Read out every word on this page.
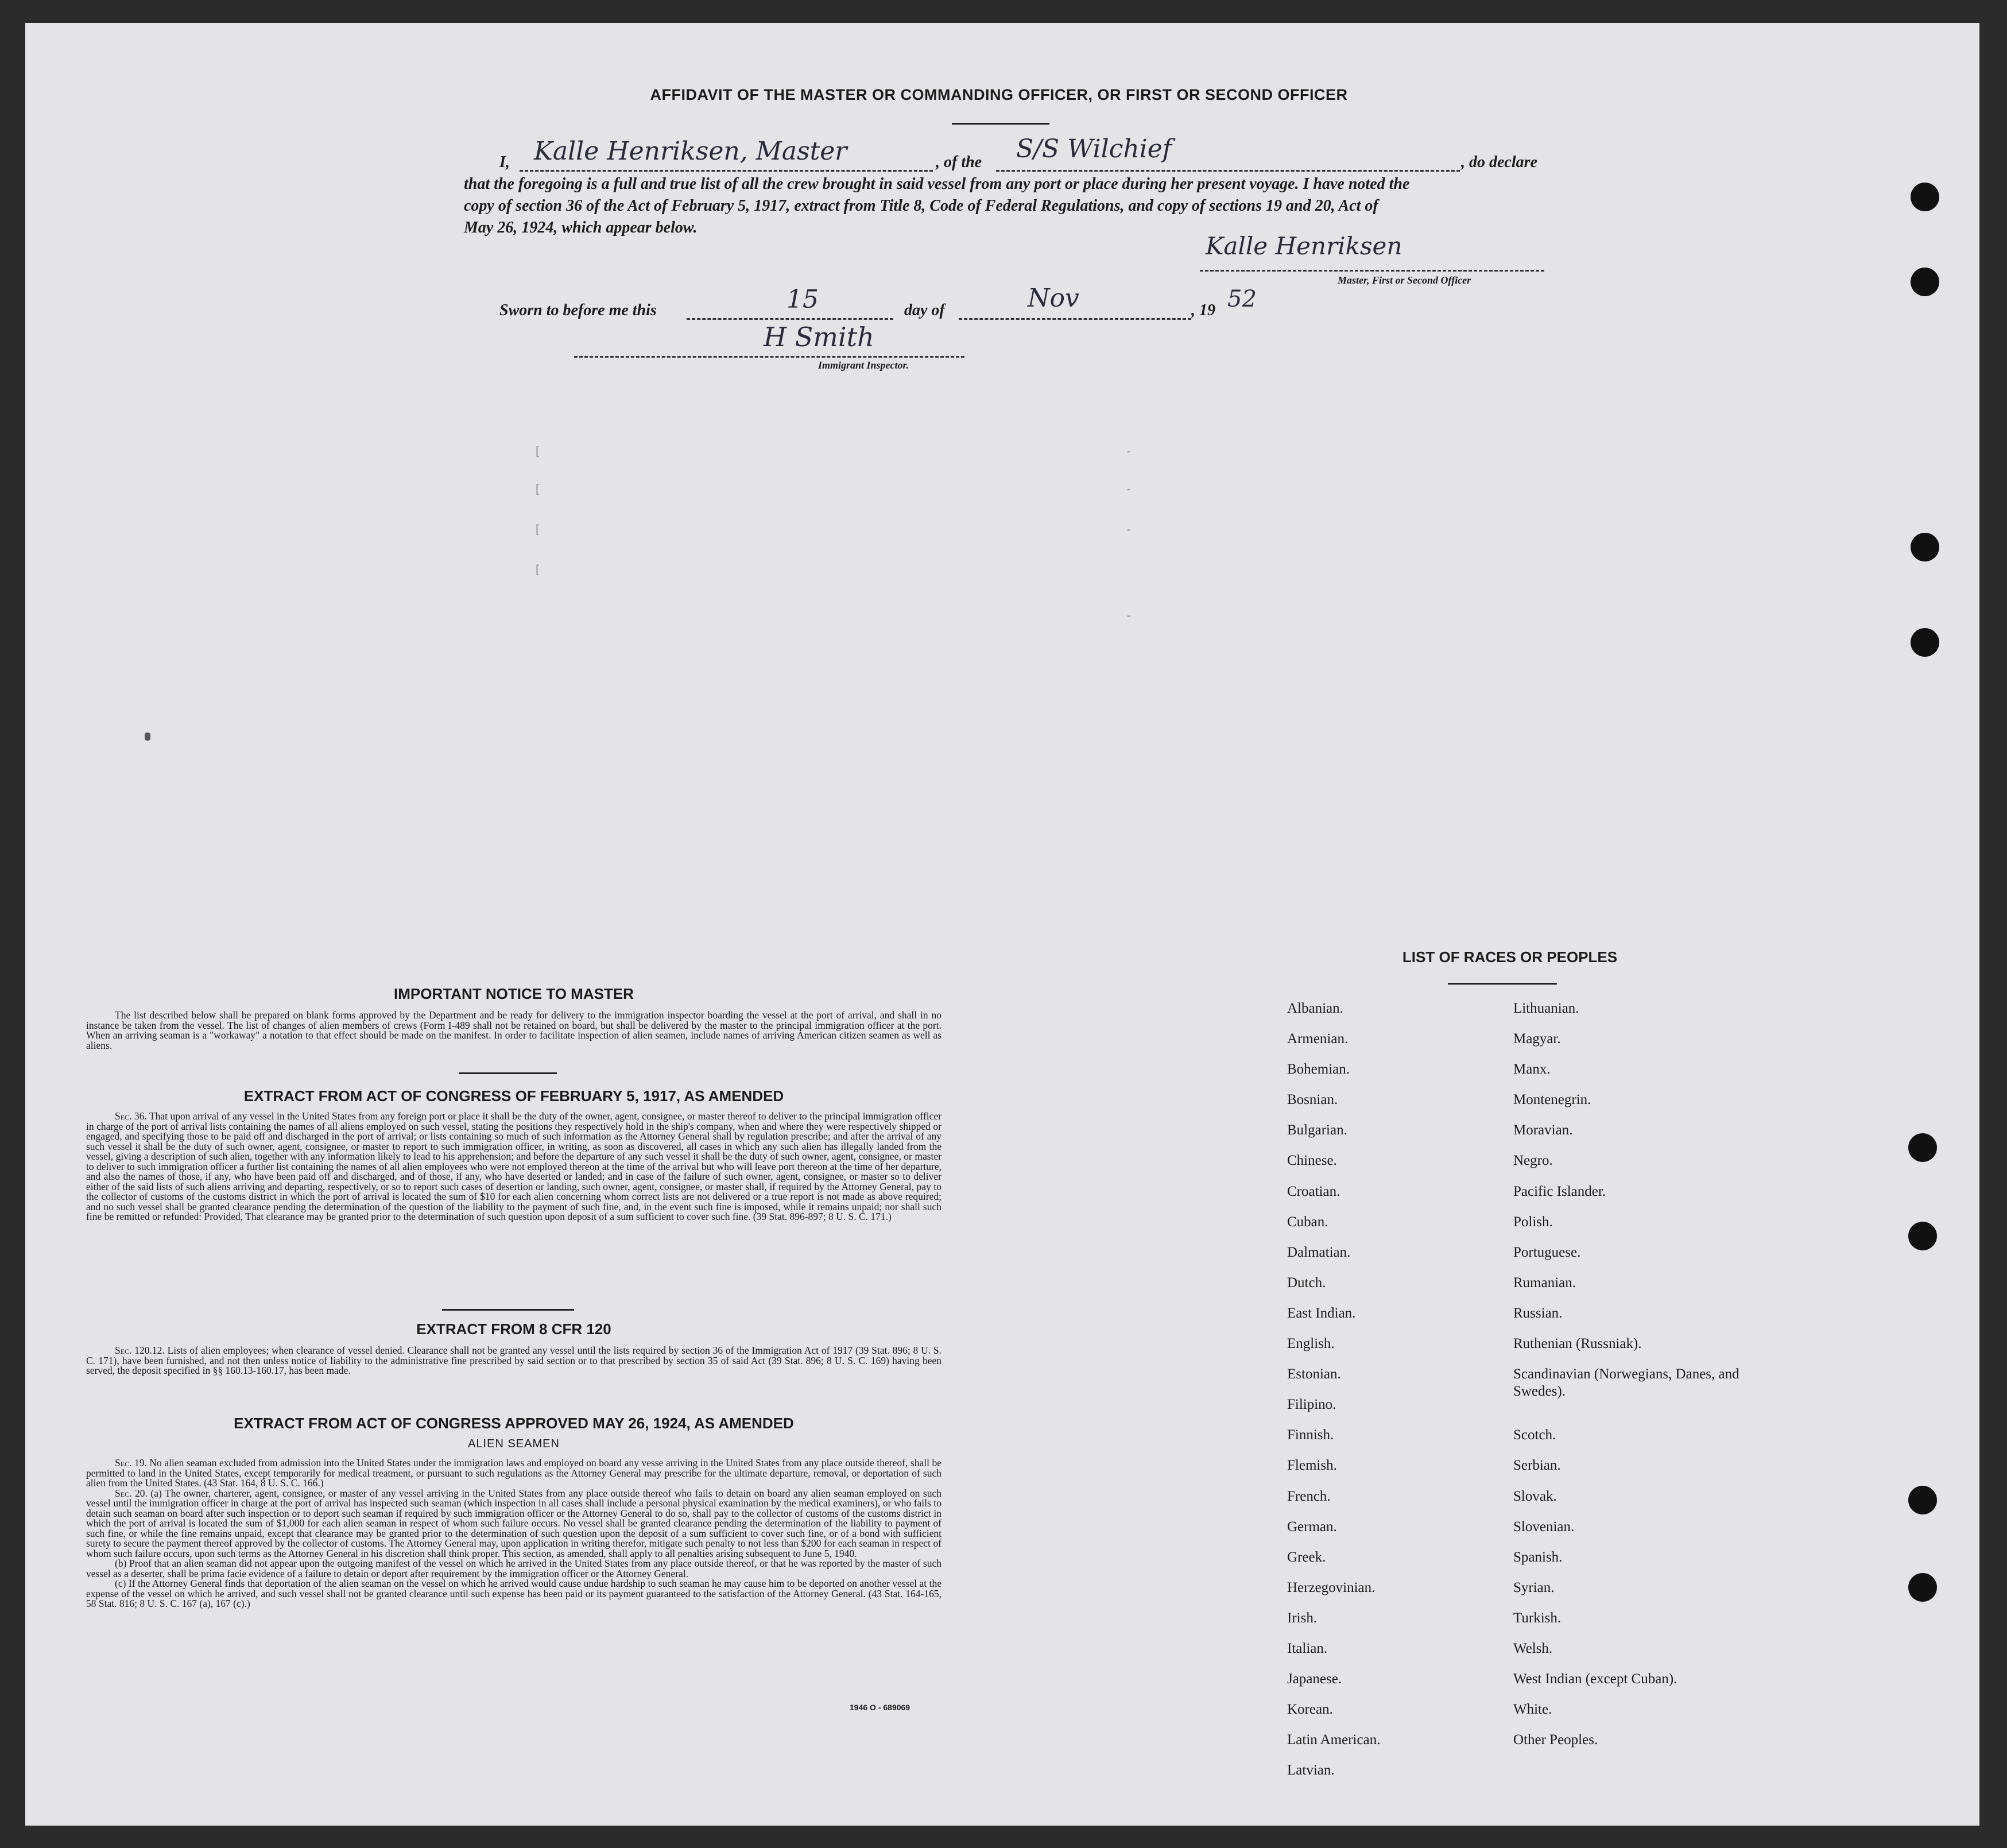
[
[
[
[
-
-
-
-
AFFIDAVIT OF THE MASTER OR COMMANDING OFFICER, OR FIRST OR SECOND OFFICER
I, Kalle Henriksen, Master	, of the S/S Wilchief	, do declare
that the foregoing is a full and true list of all the crew brought in said vessel from any port or place during her present voyage. I have noted the
copy of section 36 of the Act of February 5, 1917, extract from Title 8, Code of Federal Regulations, and copy of sections 19 and 20, Act of
May 26, 1924, which appear below.
Kalle Henriksen
Master, First or Second Officer
Sworn to before me this	15	day of	Nov	, 19 52
H Smith
Immigrant Inspector.
IMPORTANT NOTICE TO MASTER

The list described below shall be prepared on blank forms approved by the Department and be ready for delivery to the immigration inspector boarding the vessel at the port of arrival, and shall in no instance be taken from the vessel. The list of changes of alien members of crews (Form I-489 shall not be retained on board, but shall be delivered by the master to the principal immigration officer at the port. When an arriving seaman is a "workaway" a notation to that effect should be made on the manifest. In order to facilitate inspection of alien seamen, include names of arriving American citizen seamen as well as aliens.

EXTRACT FROM ACT OF CONGRESS OF FEBRUARY 5, 1917, AS AMENDED

Sec. 36. That upon arrival of any vessel in the United States from any foreign port or place it shall be the duty of the owner, agent, consignee, or master thereof to deliver to the principal immigration officer in charge of the port of arrival lists containing the names of all aliens employed on such vessel, stating the positions they respectively hold in the ship's company, when and where they were respectively shipped or engaged, and specifying those to be paid off and discharged in the port of arrival; or lists containing so much of such information as the Attorney General shall by regulation prescribe; and after the arrival of any such vessel it shall be the duty of such owner, agent, consignee, or master to report to such immigration officer, in writing, as soon as discovered, all cases in which any such alien has illegally landed from the vessel, giving a description of such alien, together with any information likely to lead to his apprehension; and before the departure of any such vessel it shall be the duty of such owner, agent, consignee, or master to deliver to such immigration officer a further list containing the names of all alien employees who were not employed thereon at the time of the arrival but who will leave port thereon at the time of her departure, and also the names of those, if any, who have been paid off and discharged, and of those, if any, who have deserted or landed; and in case of the failure of such owner, agent, consignee, or master so to deliver either of the said lists of such aliens arriving and departing, respectively, or so to report such cases of desertion or landing, such owner, agent, consignee, or master shall, if required by the Attorney General, pay to the collector of customs of the customs district in which the port of arrival is located the sum of $10 for each alien concerning whom correct lists are not delivered or a true report is not made as above required; and no such vessel shall be granted clearance pending the determination of the question of the liability to the payment of such fine, and, in the event such fine is imposed, while it remains unpaid; nor shall such fine be remitted or refunded: Provided, That clearance may be granted prior to the determination of such question upon deposit of a sum sufficient to cover such fine. (39 Stat. 896-897; 8 U. S. C. 171.)

EXTRACT FROM 8 CFR 120

Sec. 120.12. Lists of alien employees; when clearance of vessel denied. Clearance shall not be granted any vessel until the lists required by section 36 of the Immigration Act of 1917 (39 Stat. 896; 8 U. S. C. 171), have been furnished, and not then unless notice of liability to the administrative fine prescribed by said section or to that prescribed by section 35 of said Act (39 Stat. 896; 8 U. S. C. 169) having been served, the deposit specified in §§ 160.13-160.17, has been made.

EXTRACT FROM ACT OF CONGRESS APPROVED MAY 26, 1924, AS AMENDED
ALIEN SEAMEN

Sec. 19. No alien seaman excluded from admission into the United States under the immigration laws and employed on board any vesse arriving in the United States from any place outside thereof, shall be permitted to land in the United States, except temporarily for medical treatment, or pursuant to such regulations as the Attorney General may prescribe for the ultimate departure, removal, or deportation of such alien from the United States. (43 Stat. 164, 8 U. S. C. 166.)

Sec. 20. (a) The owner, charterer, agent, consignee, or master of any vessel arriving in the United States from any place outside thereof who fails to detain on board any alien seaman employed on such vessel until the immigration officer in charge at the port of arrival has inspected such seaman (which inspection in all cases shall include a personal physical examination by the medical examiners), or who fails to detain such seaman on board after such inspection or to deport such seaman if required by such immigration officer or the Attorney General to do so, shall pay to the collector of customs of the customs district in which the port of arrival is located the sum of $1,000 for each alien seaman in respect of whom such failure occurs. No vessel shall be granted clearance pending the determination of the liability to payment of such fine, or while the fine remains unpaid, except that clearance may be granted prior to the determination of such question upon the deposit of a sum sufficient to cover such fine, or of a bond with sufficient surety to secure the payment thereof approved by the collector of customs. The Attorney General may, upon application in writing therefor, mitigate such penalty to not less than $200 for each seaman in respect of whom such failure occurs, upon such terms as the Attorney General in his discretion shall think proper. This section, as amended, shall apply to all penalties arising subsequent to June 5, 1940.

(b) Proof that an alien seaman did not appear upon the outgoing manifest of the vessel on which he arrived in the United States from any place outside thereof, or that he was reported by the master of such vessel as a deserter, shall be prima facie evidence of a failure to detain or deport after requirement by the immigration officer or the Attorney General.

(c) If the Attorney General finds that deportation of the alien seaman on the vessel on which he arrived would cause undue hardship to such seaman he may cause him to be deported on another vessel at the expense of the vessel on which he arrived, and such vessel shall not be granted clearance until such expense has been paid or its payment guaranteed to the satisfaction of the Attorney General. (43 Stat. 164-165, 58 Stat. 816; 8 U. S. C. 167 (a), 167 (c).)

1946 O - 689069
LIST OF RACES OR PEOPLES
Albanian.
Armenian.
Bohemian.
Bosnian.
Bulgarian.
Chinese.
Croatian.
Cuban.
Dalmatian.
Dutch.
East Indian.
English.
Estonian.
Filipino.
Finnish.
Flemish.
French.
German.
Greek.
Herzegovinian.
Irish.
Italian.
Japanese.
Korean.
Latin American.
Latvian.
Lithuanian.
Magyar.
Manx.
Montenegrin.
Moravian.
Negro.
Pacific Islander.
Polish.
Portuguese.
Rumanian.
Russian.
Ruthenian (Russniak).
Scandinavian (Norwegians, Danes, and Swedes).
Scotch.
Serbian.
Slovak.
Slovenian.
Spanish.
Syrian.
Turkish.
Welsh.
West Indian (except Cuban).
White.
Other Peoples.
